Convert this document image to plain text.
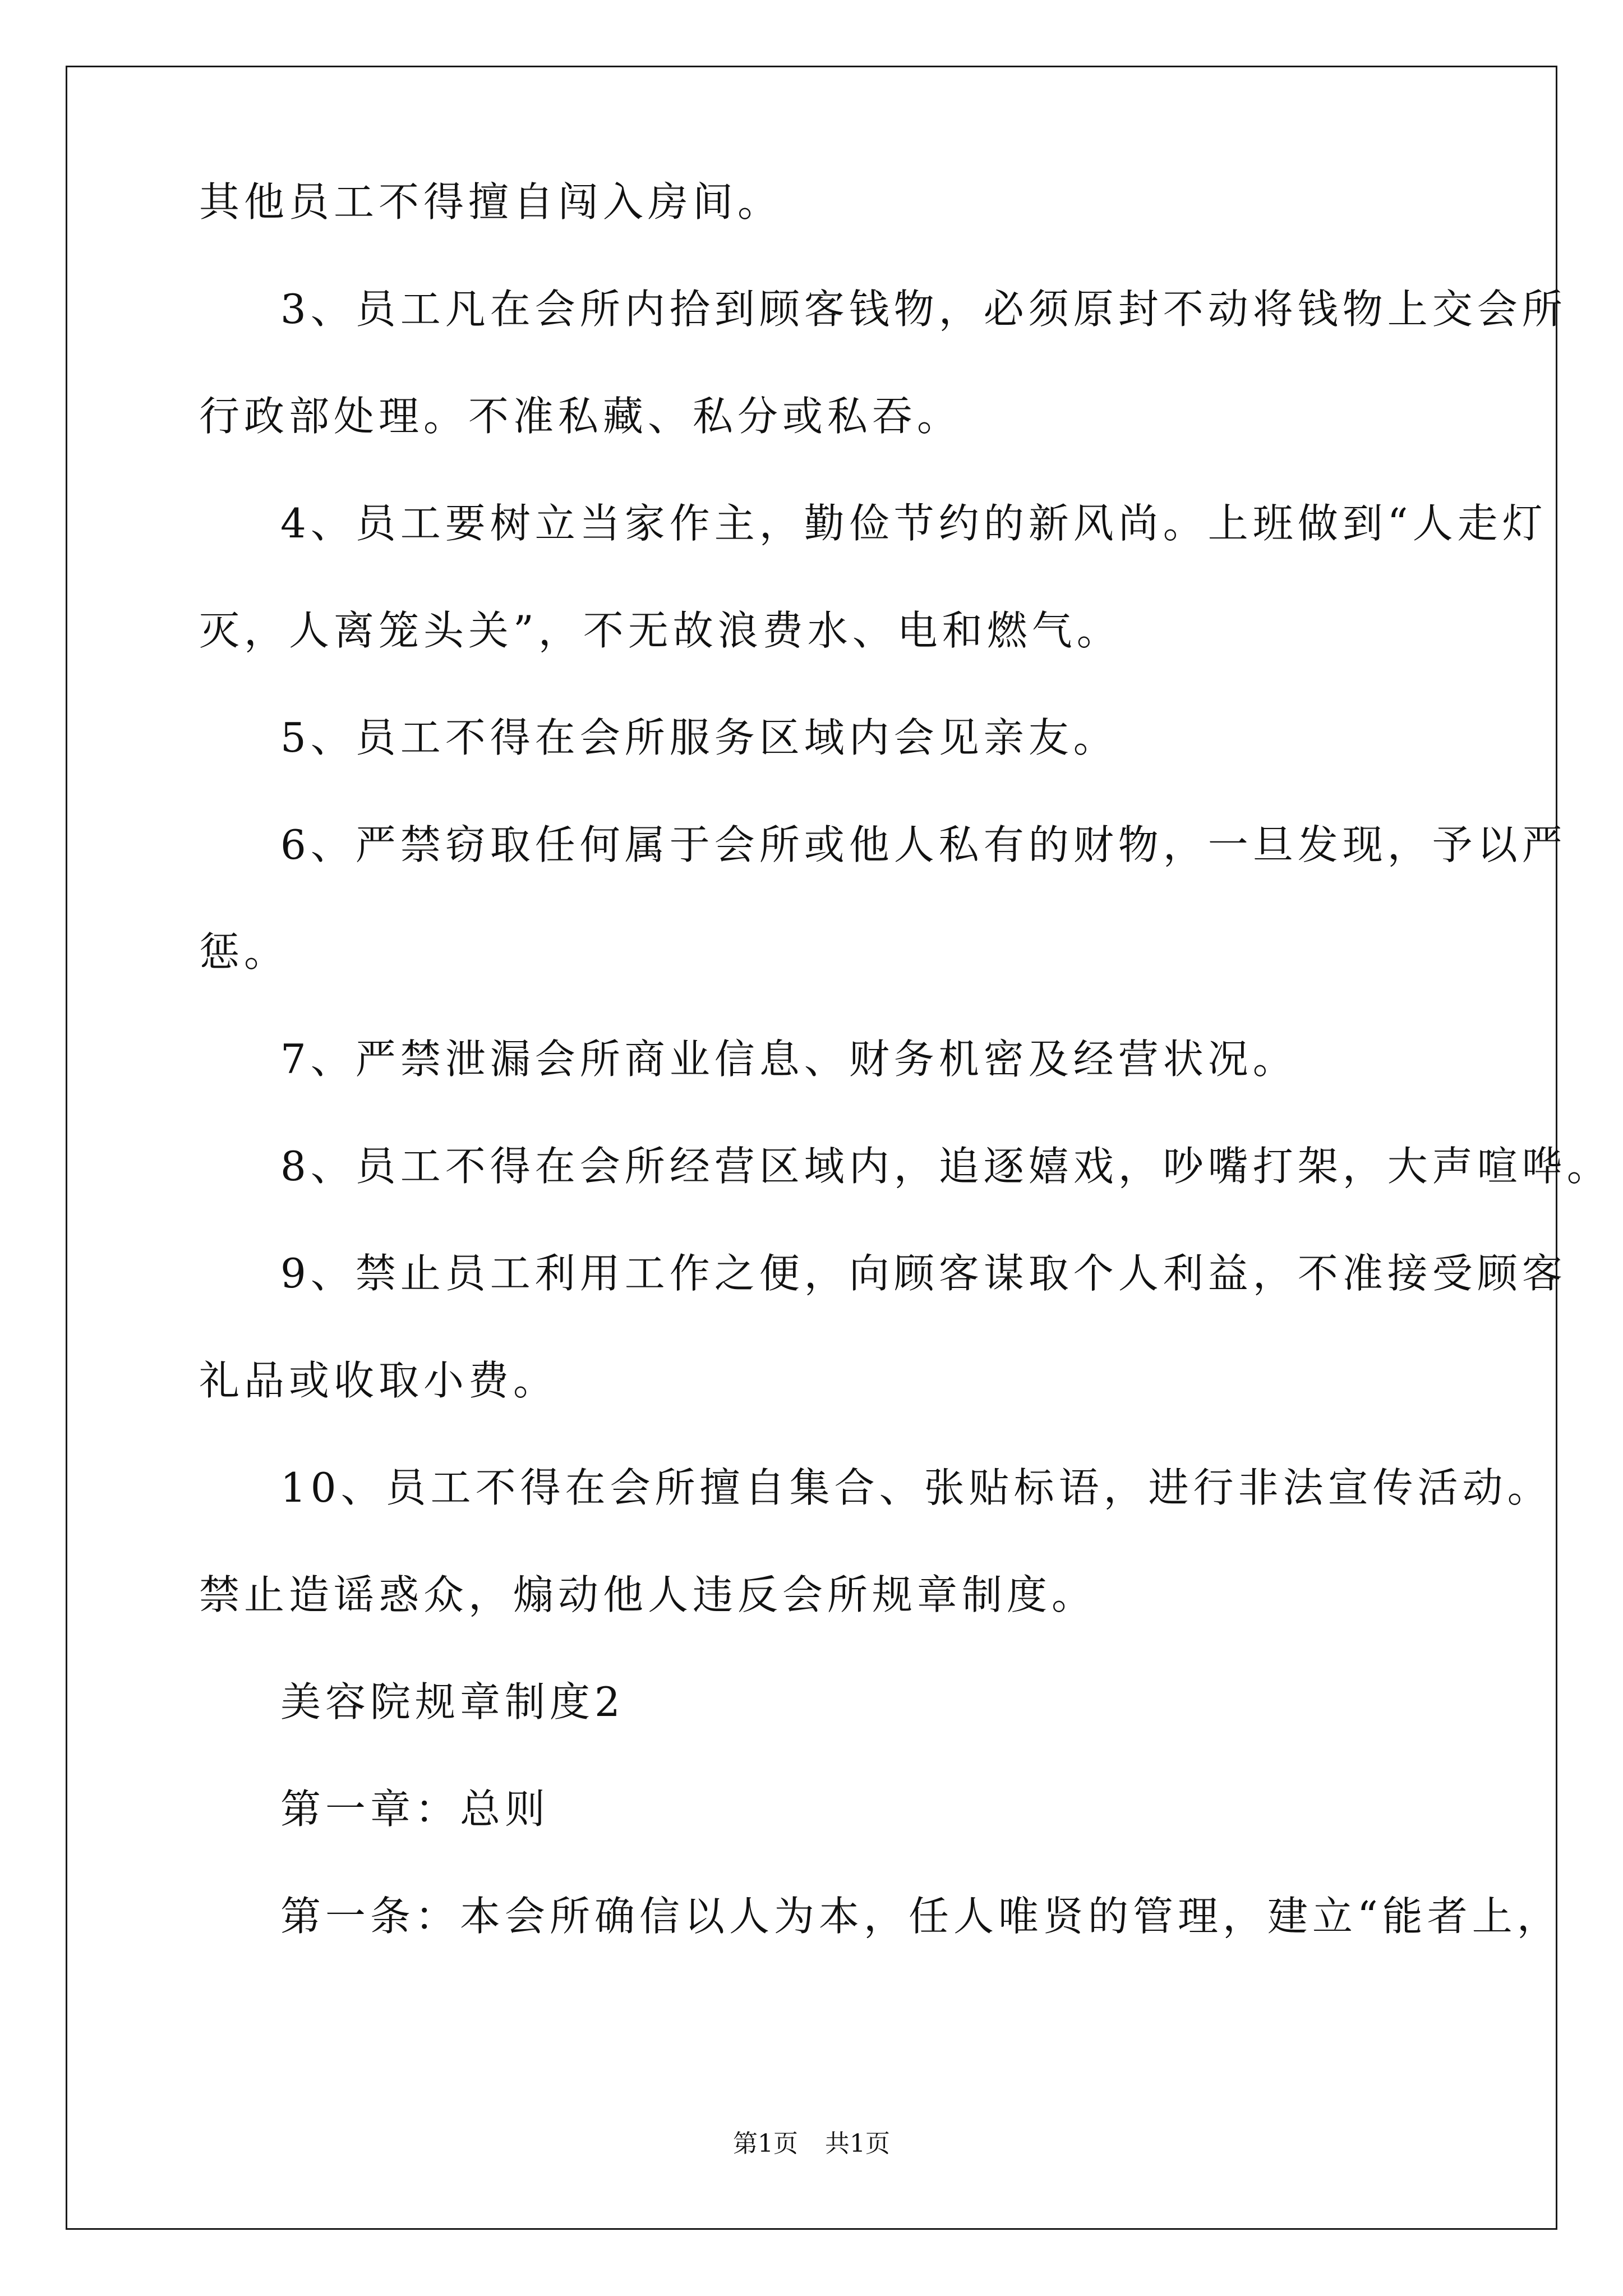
其他员工不得擅自闯入房间。
3、员工凡在会所内拾到顾客钱物，必须原封不动将钱物上交会所
行政部处理。不准私藏、私分或私吞。
4、员工要树立当家作主，勤俭节约的新风尚。上班做到“人走灯
灭，人离笼头关”，不无故浪费水、电和燃气。
5、员工不得在会所服务区域内会见亲友。
6、严禁窃取任何属于会所或他人私有的财物，一旦发现，予以严
惩。
7、严禁泄漏会所商业信息、财务机密及经营状况。
8、员工不得在会所经营区域内，追逐嬉戏，吵嘴打架，大声喧哗。
9、禁止员工利用工作之便，向顾客谋取个人利益，不准接受顾客
礼品或收取小费。
10、员工不得在会所擅自集合、张贴标语，进行非法宣传活动。
禁止造谣惑众，煽动他人违反会所规章制度。
美容院规章制度2
第一章：总则
第一条：本会所确信以人为本，任人唯贤的管理，建立“能者上，
第1页 共1页
